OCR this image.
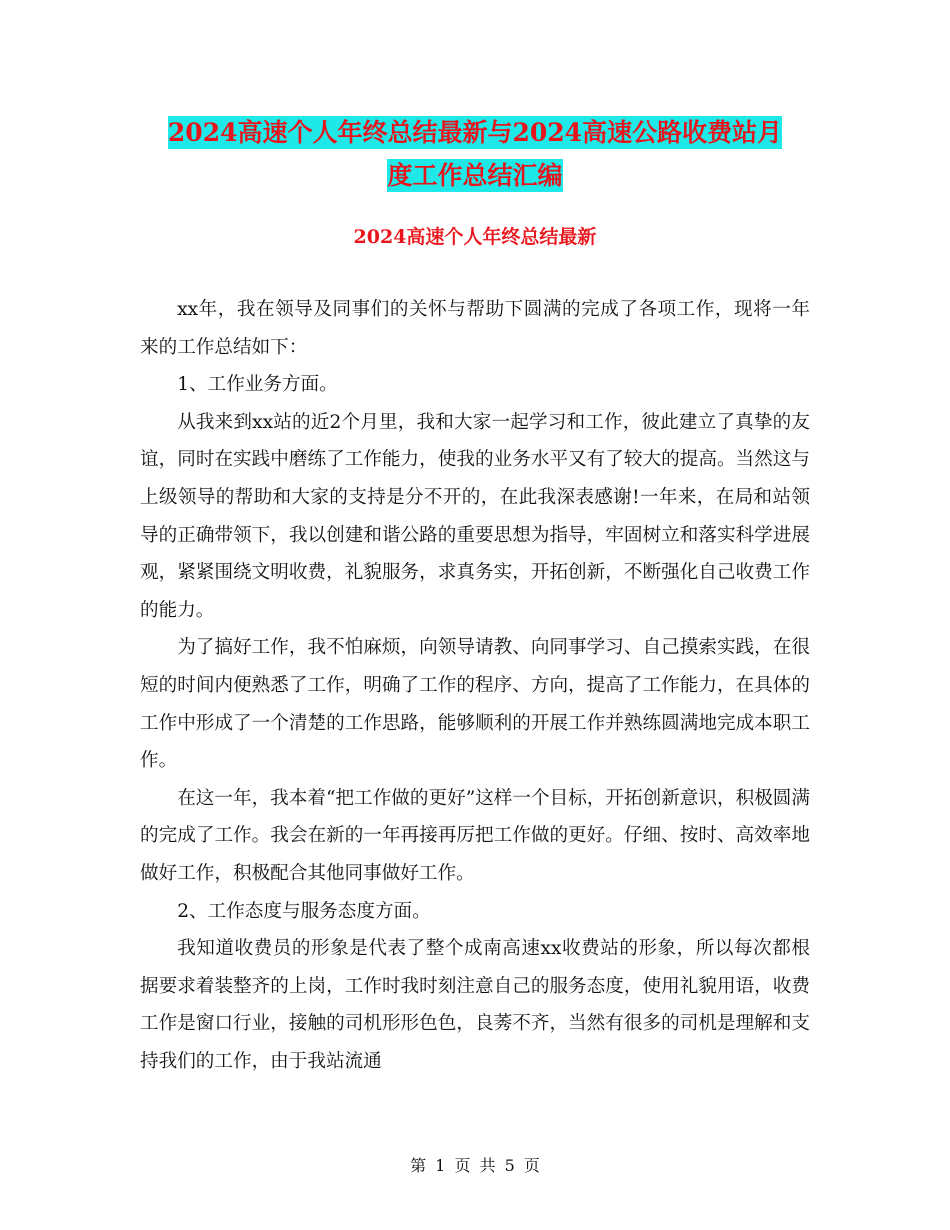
2024高速个人年终总结最新与2024高速公路收费站月
度工作总结汇编
2024高速个人年终总结最新

xx年，我在领导及同事们的关怀与帮助下圆满的完成了各项工作，现将一年来的工作总结如下：

1、工作业务方面。

从我来到xx站的近2个月里，我和大家一起学习和工作，彼此建立了真挚的友谊，同时在实践中磨练了工作能力，使我的业务水平又有了较大的提高。当然这与上级领导的帮助和大家的支持是分不开的，在此我深表感谢!一年来，在局和站领导的正确带领下，我以创建和谐公路的重要思想为指导，牢固树立和落实科学进展观，紧紧围绕文明收费，礼貌服务，求真务实，开拓创新，不断强化自己收费工作的能力。

为了搞好工作，我不怕麻烦，向领导请教、向同事学习、自己摸索实践，在很短的时间内便熟悉了工作，明确了工作的程序、方向，提高了工作能力，在具体的工作中形成了一个清楚的工作思路，能够顺利的开展工作并熟练圆满地完成本职工作。

在这一年，我本着“把工作做的更好”这样一个目标，开拓创新意识，积极圆满的完成了工作。我会在新的一年再接再厉把工作做的更好。仔细、按时、高效率地做好工作，积极配合其他同事做好工作。

2、工作态度与服务态度方面。

我知道收费员的形象是代表了整个成南高速xx收费站的形象，所以每次都根据要求着装整齐的上岗，工作时我时刻注意自己的服务态度，使用礼貌用语，收费工作是窗口行业，接触的司机形形色色，良莠不齐，当然有很多的司机是理解和支持我们的工作，由于我站流通

第 1 页 共 5 页
